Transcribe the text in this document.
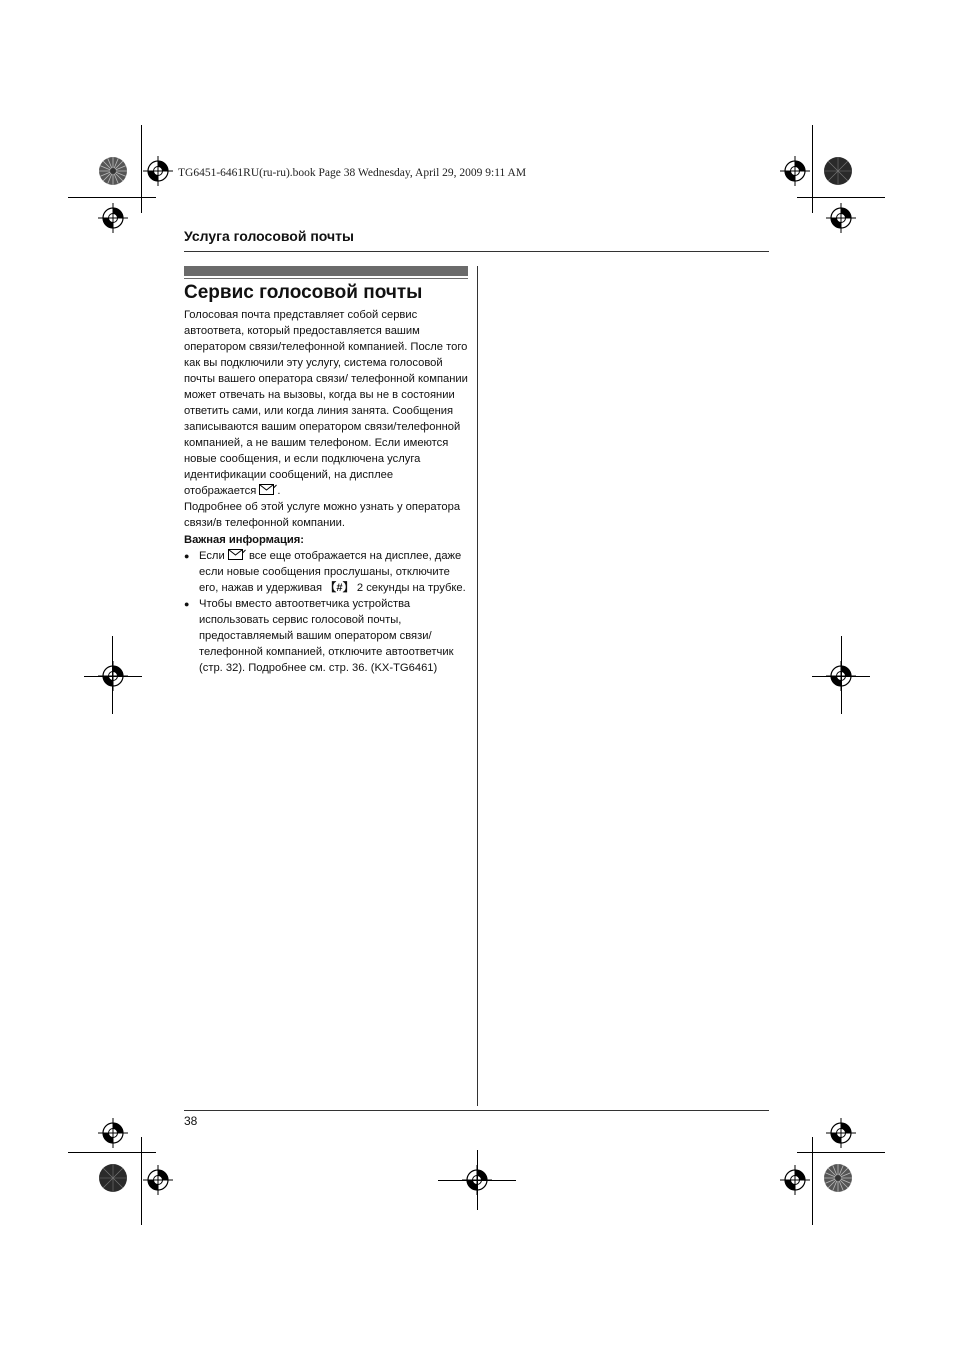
TG6451-6461RU(ru-ru).book Page 38 Wednesday, April 29, 2009 9:11 AM
Услуга голосовой почты
Сервис голосовой почты

Голосовая почта представляет собой сервис автоответа, который предоставляется вашим оператором связи/телефонной компанией. После того как вы подключили эту услугу, система голосовой почты вашего оператора связи/ телефонной компании может отвечать на вызовы, когда вы не в состоянии ответить сами, или когда линия занята. Сообщения записываются вашим оператором связи/телефонной компанией, а не вашим телефоном. Если имеются новые сообщения, и если подключена услуга идентификации сообщений, на дисплее отображается .

Подробнее об этой услуге можно узнать у оператора связи/в телефонной компании.

Важная информация:

● Если все еще отображается на дисплее, даже если новые сообщения прослушаны, отключите его, нажав и удерживая 【#】 2 секунды на трубке.
● Чтобы вместо автоответчика устройства использовать сервис голосовой почты, предоставляемый вашим оператором связи/телефонной компанией, отключите автоответчик (стр. 32). Подробнее см. стр. 36. (KX-TG6461)
38
